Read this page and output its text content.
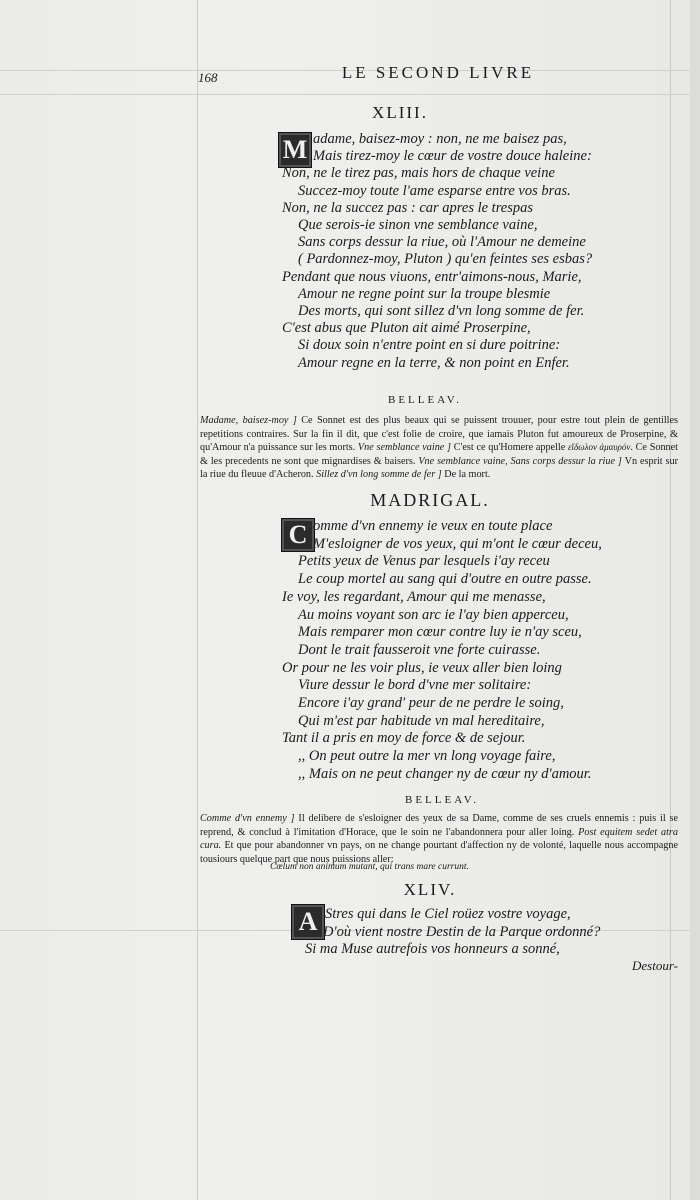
168	LE SECOND LIVRE
XLIII.
M adame, baisez-moy : non, ne me baisez pas,
Mais tirez-moy le cœur de vostre douce haleine:
Non, ne le tirez pas, mais hors de chaque veine
Succez-moy toute l'ame esparse entre vos bras.
Non, ne la succez pas : car apres le trespas
Que serois-ie sinon vne semblance vaine,
Sans corps dessur la riue, où l'Amour ne demeine
( Pardonnez-moy, Pluton ) qu'en feintes ses esbas?
Pendant que nous viuons, entr'aimons-nous, Marie,
Amour ne regne point sur la troupe blesmie
Des morts, qui sont sillez d'vn long somme de fer.
C'est abus que Pluton ait aimé Proserpine,
Si doux soin n'entre point en si dure poitrine:
Amour regne en la terre, & non point en Enfer.
BELLEAV.
Madame, baisez-moy ] Ce Sonnet est des plus beaux qui se puissent trouuer, pour estre tout plein de gentilles repetitions contraires. Sur la fin il dit, que c'est folie de croire, que iamais Pluton fut amoureux de Proserpine, & qu'Amour n'a puissance sur les morts. Vne semblance vaine ] C'est ce qu'Homere appelle εἴδωλον ἀμαυρόν. Ce Sonnet & les precedents ne sont que mignardises & baisers. Vne semblance vaine, Sans corps dessur la riue ] Vn esprit sur la riue du fleuue d'Acheron. Sillez d'vn long somme de fer ] De la mort.
MADRIGAL.
C omme d'vn ennemy ie veux en toute place
M'esloigner de vos yeux, qui m'ont le cœur deceu,
Petits yeux de Venus par lesquels i'ay receu
Le coup mortel au sang qui d'outre en outre passe.
Ie voy, les regardant, Amour qui me menasse,
Au moins voyant son arc ie l'ay bien apperceu,
Mais remparer mon cœur contre luy ie n'ay sceu,
Dont le trait fausseroit vne forte cuirasse.
Or pour ne les voir plus, ie veux aller bien loing
Viure dessur le bord d'vne mer solitaire:
Encore i'ay grand' peur de ne perdre le soing,
Qui m'est par habitude vn mal hereditaire,
Tant il a pris en moy de force & de sejour.
,, On peut outre la mer vn long voyage faire,
,, Mais on ne peut changer ny de cœur ny d'amour.
BELLEAV.
Comme d'vn ennemy ] Il delibere de s'esloigner des yeux de sa Dame, comme de ses cruels ennemis : puis il se reprend, & conclud à l'imitation d'Horace, que le soin ne l'abandonnera pour aller loing. Post equitem sedet atra cura. Et que pour abandonner vn pays, on ne change pourtant d'affection ny de volonté, laquelle nous accompagne tousiours quelque part que nous puissions aller:
Cœlum non animum mutant, qui trans mare currunt.
XLIV.
A Stres qui dans le Ciel roüez vostre voyage,
D'où vient nostre Destin de la Parque ordonné?
Si ma Muse autrefois vos honneurs a sonné,
Destour-
